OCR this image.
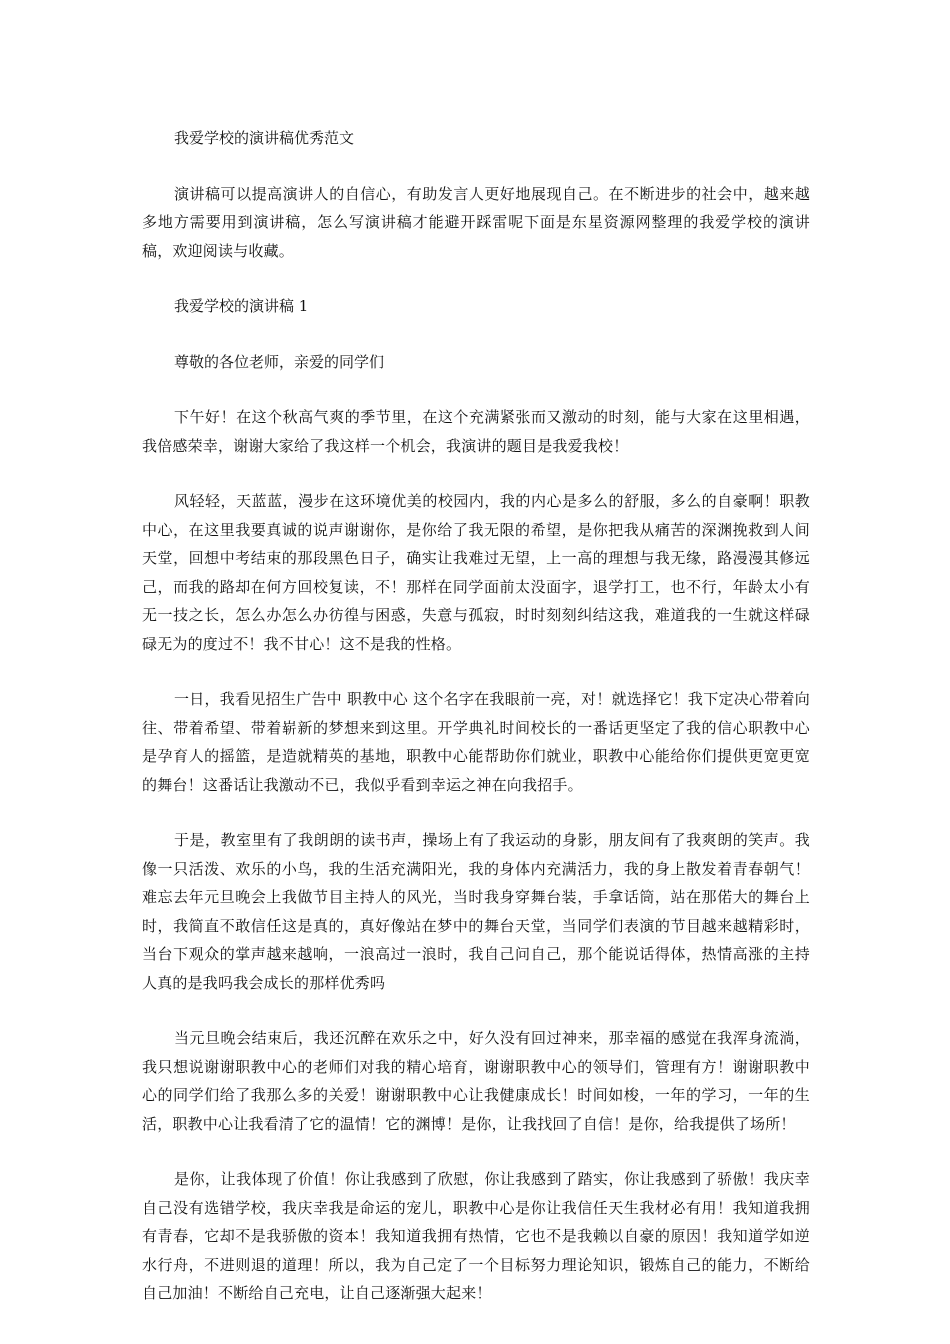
我爱学校的演讲稿优秀范文

演讲稿可以提高演讲人的自信心，有助发言人更好地展现自己。在不断进步的社会中，越来越多地方需要用到演讲稿，怎么写演讲稿才能避开踩雷呢下面是东星资源网整理的我爱学校的演讲稿，欢迎阅读与收藏。

我爱学校的演讲稿 1

尊敬的各位老师，亲爱的同学们

下午好！在这个秋高气爽的季节里，在这个充满紧张而又激动的时刻，能与大家在这里相遇，我倍感荣幸，谢谢大家给了我这样一个机会，我演讲的题目是我爱我校！

风轻轻，天蓝蓝，漫步在这环境优美的校园内，我的内心是多么的舒服，多么的自豪啊！职教中心，在这里我要真诚的说声谢谢你，是你给了我无限的希望，是你把我从痛苦的深渊挽救到人间天堂，回想中考结束的那段黑色日子，确实让我难过无望，上一高的理想与我无缘，路漫漫其修远己，而我的路却在何方回校复读，不！那样在同学面前太没面字，退学打工，也不行，年龄太小有无一技之长，怎么办怎么办彷徨与困惑，失意与孤寂，时时刻刻纠结这我，难道我的一生就这样碌碌无为的度过不！我不甘心！这不是我的性格。

一日，我看见招生广告中 职教中心 这个名字在我眼前一亮，对！就选择它！我下定决心带着向往、带着希望、带着崭新的梦想来到这里。开学典礼时间校长的一番话更坚定了我的信心职教中心是孕育人的摇篮，是造就精英的基地，职教中心能帮助你们就业，职教中心能给你们提供更宽更宽的舞台！这番话让我激动不已，我似乎看到幸运之神在向我招手。

于是，教室里有了我朗朗的读书声，操场上有了我运动的身影，朋友间有了我爽朗的笑声。我像一只活泼、欢乐的小鸟，我的生活充满阳光，我的身体内充满活力，我的身上散发着青春朝气！难忘去年元旦晚会上我做节目主持人的风光，当时我身穿舞台装，手拿话筒，站在那偌大的舞台上时，我简直不敢信任这是真的，真好像站在梦中的舞台天堂，当同学们表演的节目越来越精彩时，当台下观众的掌声越来越响，一浪高过一浪时，我自己问自己，那个能说话得体，热情高涨的主持人真的是我吗我会成长的那样优秀吗

当元旦晚会结束后，我还沉醉在欢乐之中，好久没有回过神来，那幸福的感觉在我浑身流淌，我只想说谢谢职教中心的老师们对我的精心培育，谢谢职教中心的领导们，管理有方！谢谢职教中心的同学们给了我那么多的关爱！谢谢职教中心让我健康成长！时间如梭，一年的学习，一年的生活，职教中心让我看清了它的温情！它的渊博！是你，让我找回了自信！是你，给我提供了场所！

是你，让我体现了价值！你让我感到了欣慰，你让我感到了踏实，你让我感到了骄傲！我庆幸自己没有选错学校，我庆幸我是命运的宠儿，职教中心是你让我信任天生我材必有用！我知道我拥有青春，它却不是我骄傲的资本！我知道我拥有热情，它也不是我赖以自豪的原因！我知道学如逆水行舟，不进则退的道理！所以，我为自己定了一个目标努力理论知识，锻炼自己的能力，不断给自己加油！不断给自己充电，让自己逐渐强大起来！
